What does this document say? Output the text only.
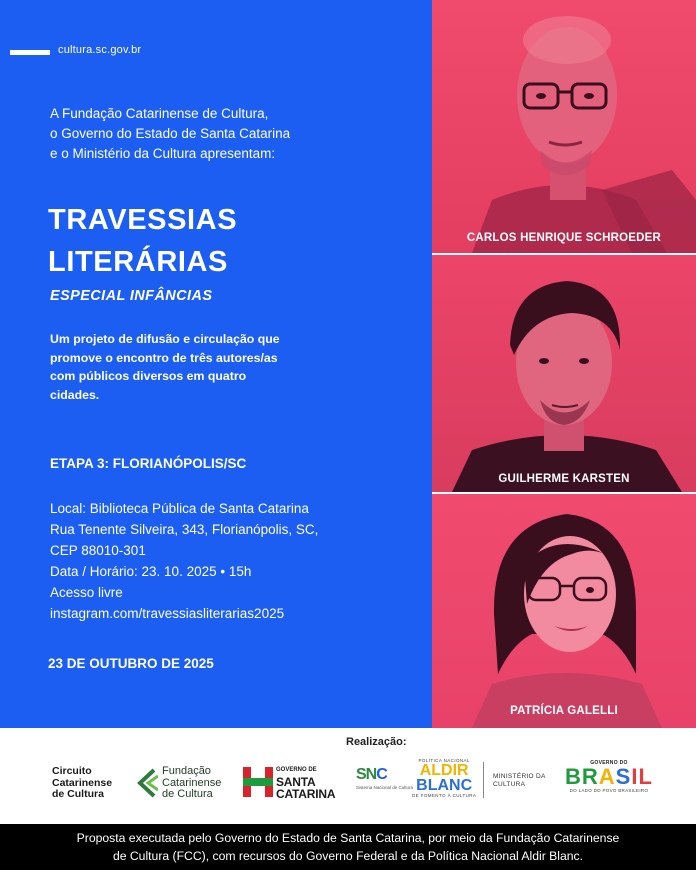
cultura.sc.gov.br
A Fundação Catarinense de Cultura,
o Governo do Estado de Santa Catarina
e o Ministério da Cultura apresentam:
TRAVESSIAS
LITERÁRIAS
ESPECIAL INFÂNCIAS
Um projeto de difusão e circulação que
promove o encontro de três autores/as
com públicos diversos em quatro
cidades.
ETAPA 3: FLORIANÓPOLIS/SC
Local: Biblioteca Pública de Santa Catarina
Rua Tenente Silveira, 343, Florianópolis, SC,
CEP 88010-301
Data / Horário: 23. 10. 2025 • 15h
Acesso livre
instagram.com/travessiasliterarias2025
23 DE OUTUBRO DE 2025
CARLOS HENRIQUE SCHROEDER
GUILHERME KARSTEN
PATRÍCIA GALELLI
Realização:
Circuito
Catarinense
de Cultura
Fundação
Catarinense
de Cultura
GOVERNO DE
SANTA
CATARINA
SNC
Sistema Nacional de Cultura
POLÍTICA NACIONAL
ALDIR
BLANC
DE FOMENTO À CULTURA
MINISTÉRIO DA
CULTURA
GOVERNO DO
BRASIL
DO LADO DO POVO BRASILEIRO
Proposta executada pelo Governo do Estado de Santa Catarina, por meio da Fundação Catarinense
de Cultura (FCC), com recursos do Governo Federal e da Política Nacional Aldir Blanc.
